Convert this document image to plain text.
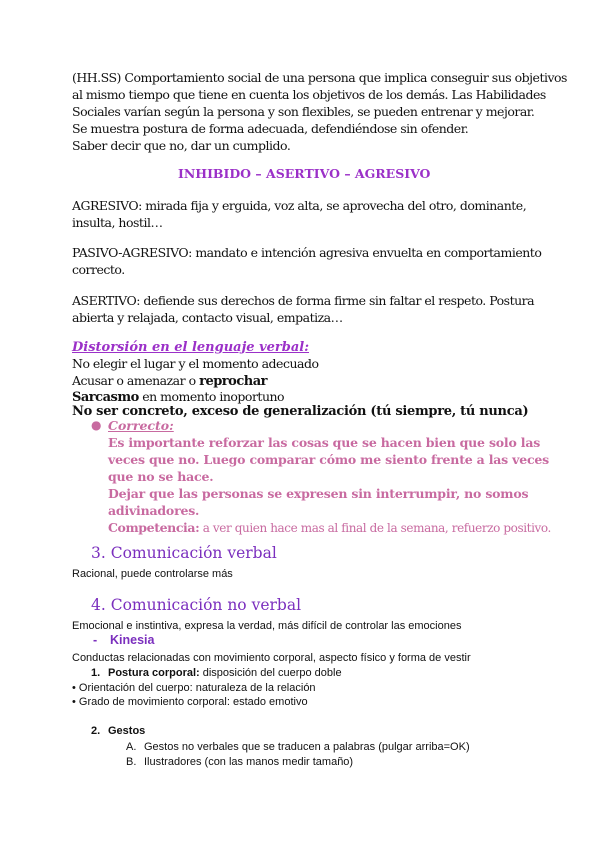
(HH.SS) Comportamiento social de una persona que implica conseguir sus objetivos
al mismo tiempo que tiene en cuenta los objetivos de los demás. Las Habilidades
Sociales varían según la persona y son flexibles, se pueden entrenar y mejorar.
Se muestra postura de forma adecuada, defendiéndose sin ofender.
Saber decir que no, dar un cumplido.
INHIBIDO – ASERTIVO – AGRESIVO
AGRESIVO: mirada fija y erguida, voz alta, se aprovecha del otro, dominante,
insulta, hostil…
PASIVO-AGRESIVO: mandato e intención agresiva envuelta en comportamiento
correcto.
ASERTIVO: defiende sus derechos de forma firme sin faltar el respeto. Postura
abierta y relajada, contacto visual, empatiza…
Distorsión en el lenguaje verbal:
No elegir el lugar y el momento adecuado
Acusar o amenazar o reprochar
Sarcasmo en momento inoportuno
No ser concreto, exceso de generalización (tú siempre, tú nunca)
● Correcto:
Es importante reforzar las cosas que se hacen bien que solo las
veces que no. Luego comparar cómo me siento frente a las veces
que no se hace.
Dejar que las personas se expresen sin interrumpir, no somos
adivinadores.
Competencia: a ver quien hace mas al final de la semana, refuerzo positivo.
3. Comunicación verbal
Racional, puede controlarse más
4. Comunicación no verbal
Emocional e instintiva, expresa la verdad, más difícil de controlar las emociones
- Kinesia
Conductas relacionadas con movimiento corporal, aspecto físico y forma de vestir
1. Postura corporal: disposición del cuerpo doble
• Orientación del cuerpo: naturaleza de la relación
• Grado de movimiento corporal: estado emotivo
2. Gestos
A. Gestos no verbales que se traducen a palabras (pulgar arriba=OK)
B. Ilustradores (con las manos medir tamaño)
